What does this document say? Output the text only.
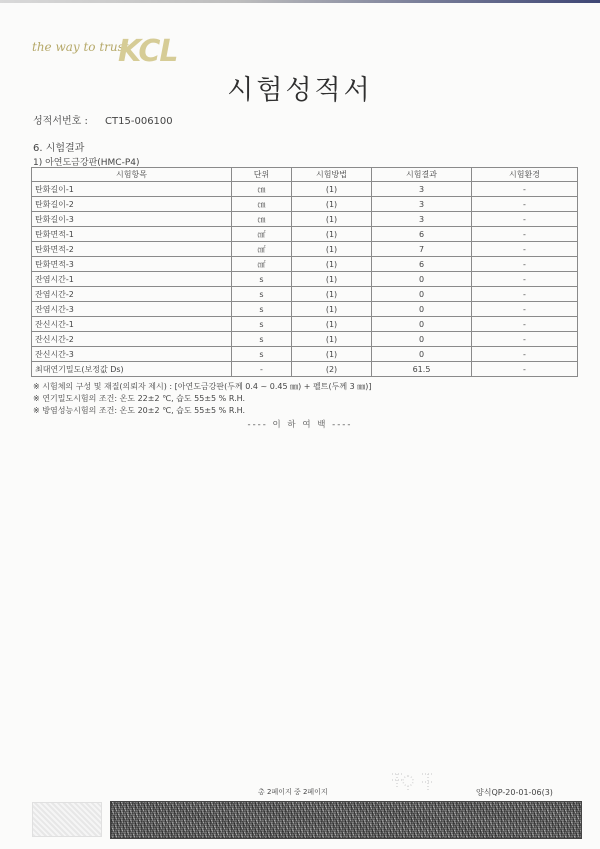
the way to trust
KCL
시험성적서
성적서번호 : CT15-006100
6. 시험결과
1) 아연도금강판(HMC-P4)
시험항목	단위	시험방법	시험결과	시험환경
탄화길이-1	㎝	(1)	3	-
탄화길이-2	㎝	(1)	3	-
탄화길이-3	㎝	(1)	3	-
탄화면적-1	㎠	(1)	6	-
탄화면적-2	㎠	(1)	7	-
탄화면적-3	㎠	(1)	6	-
잔염시간-1	s	(1)	0	-
잔염시간-2	s	(1)	0	-
잔염시간-3	s	(1)	0	-
잔신시간-1	s	(1)	0	-
잔신시간-2	s	(1)	0	-
잔신시간-3	s	(1)	0	-
최대연기밀도(보정값 Ds)	-	(2)	61.5	-
※ 시험체의 구성 및 재질(의뢰자 제시) : [아연도금강판(두께 0.4 ~ 0.45 ㎜) + 펠트(두께 3 ㎜)]
※ 연기밀도시험의 조건: 온도 22±2 ℃, 습도 55±5 % R.H.
※ 방염성능시험의 조건: 온도 20±2 ℃, 습도 55±5 % R.H.
---- 이 하 여 백 ----
총 2페이지 중 2페이지	양식QP-20-01-06(3)
